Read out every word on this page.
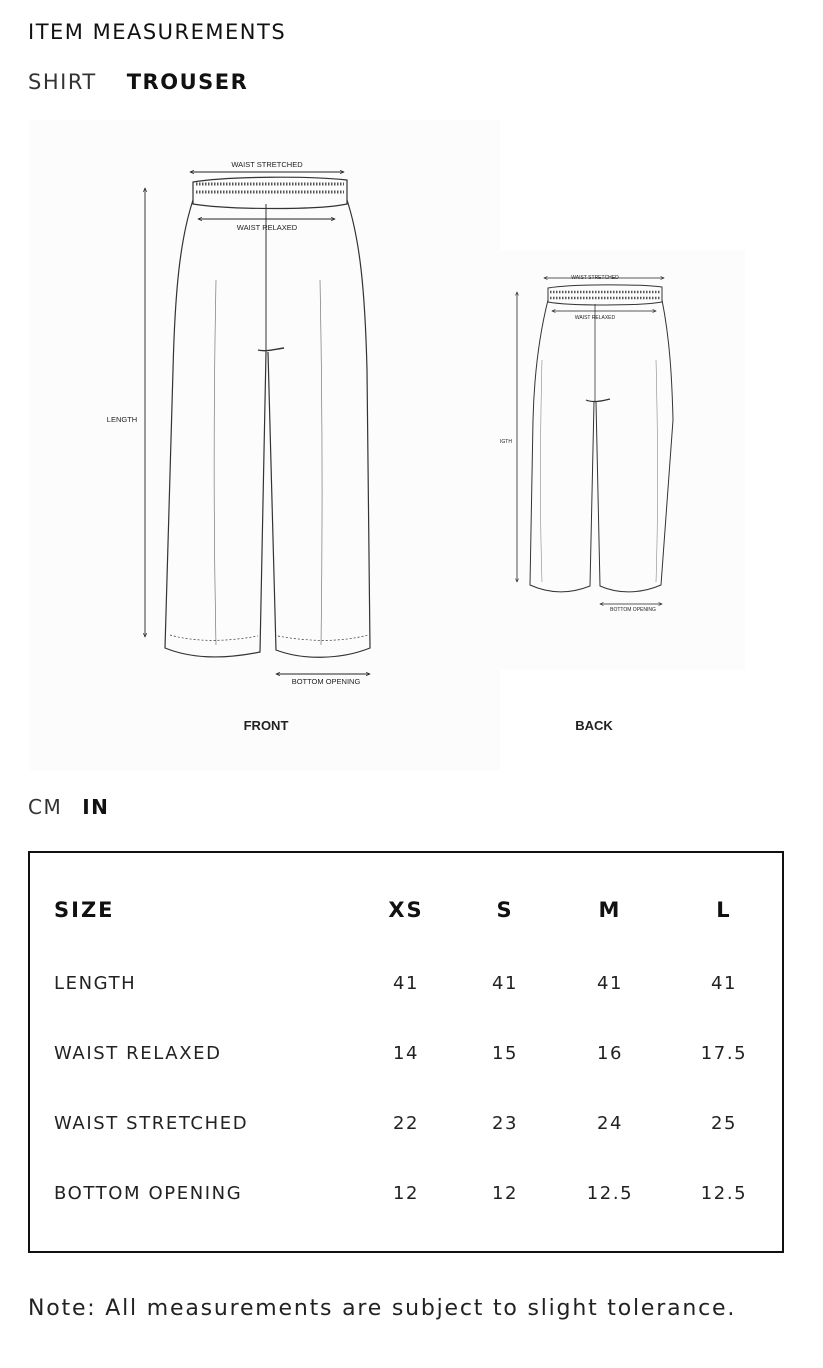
ITEM MEASUREMENTS
SHIRT TROUSER
WAIST STRETCHED
WAIST RELAXED
LENGTH
BOTTOM OPENING
FRONT
WAIST STRETCHED
WAIST RELAXED
IGTH
BOTTOM OPENING
BACK
CM IN
SIZE	XS	S	M	L
LENGTH	41	41	41	41
WAIST RELAXED	14	15	16	17.5
WAIST STRETCHED	22	23	24	25
BOTTOM OPENING	12	12	12.5	12.5
Note: All measurements are subject to slight tolerance.
